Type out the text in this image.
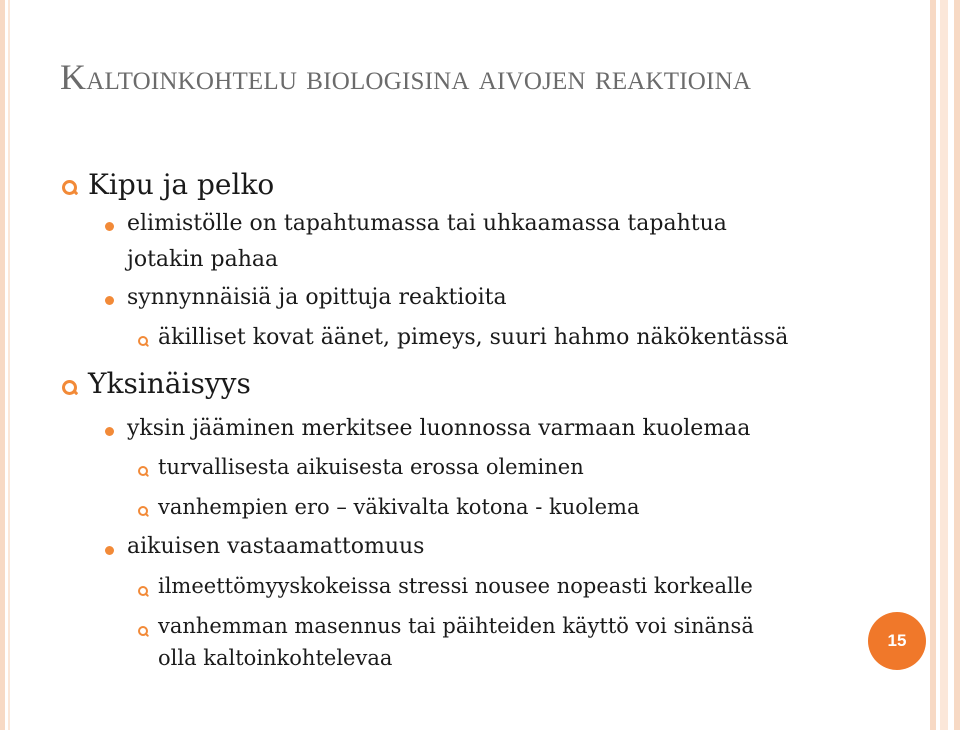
Kaltoinkohtelu biologisina aivojen reaktioina
Kipu ja pelko
elimistölle on tapahtumassa tai uhkaamassa tapahtua
jotakin pahaa
synnynnäisiä ja opittuja reaktioita
äkilliset kovat äänet, pimeys, suuri hahmo näkökentässä
Yksinäisyys
yksin jääminen merkitsee luonnossa varmaan kuolemaa
turvallisesta aikuisesta erossa oleminen
vanhempien ero – väkivalta kotona - kuolema
aikuisen vastaamattomuus
ilmeettömyyskokeissa stressi nousee nopeasti korkealle
vanhemman masennus tai päihteiden käyttö voi sinänsä
olla kaltoinkohtelevaa
15
